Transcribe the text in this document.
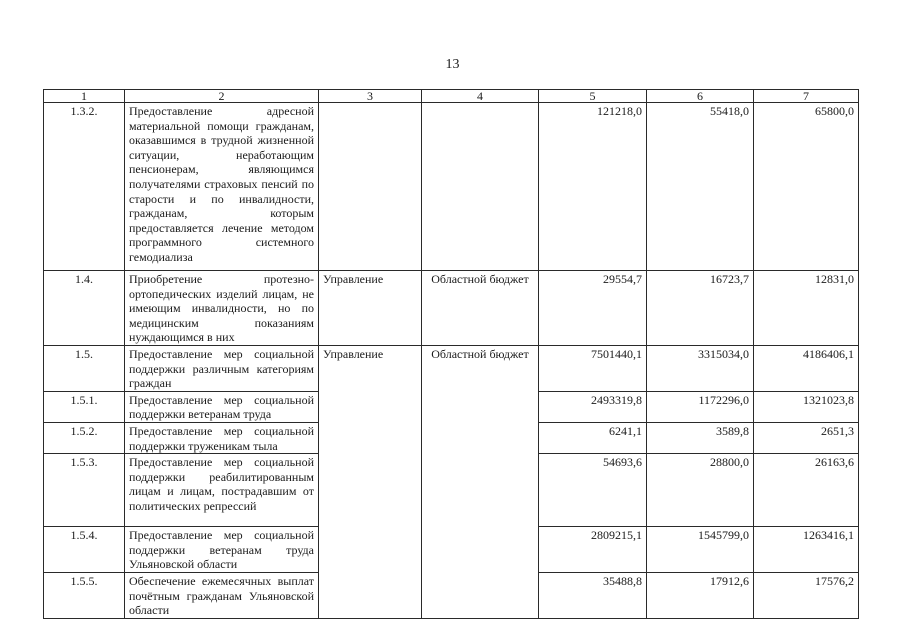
13
1	2	3	4	5	6	7
1.3.2.	Предоставление адресной материальной помощи гражданам, оказавшимся в трудной жизненной ситуации, неработающим пенсионерам, являющимся получателями страховых пенсий по старости и по инвалидности, гражданам, которым предоставляется лечение методом программного системного гемодиализа			121218,0	55418,0	65800,0
1.4.	Приобретение протезно-ортопедических изделий лицам, не имеющим инвалидности, но по медицинским показаниям нуждающимся в них	Управление	Областной бюджет	29554,7	16723,7	12831,0
1.5.	Предоставление мер социальной поддержки различным категориям граждан	Управление	Областной бюджет	7501440,1	3315034,0	4186406,1
1.5.1.	Предоставление мер социальной поддержки ветеранам труда			2493319,8	1172296,0	1321023,8
1.5.2.	Предоставление мер социальной поддержки труженикам тыла			6241,1	3589,8	2651,3
1.5.3.	Предоставление мер социальной поддержки реабилитированным лицам и лицам, пострадавшим от политических репрессий			54693,6	28800,0	26163,6
1.5.4.	Предоставление мер социальной поддержки ветеранам труда Ульяновской области			2809215,1	1545799,0	1263416,1
1.5.5.	Обеспечение ежемесячных выплат почётным гражданам Ульяновской области			35488,8	17912,6	17576,2
